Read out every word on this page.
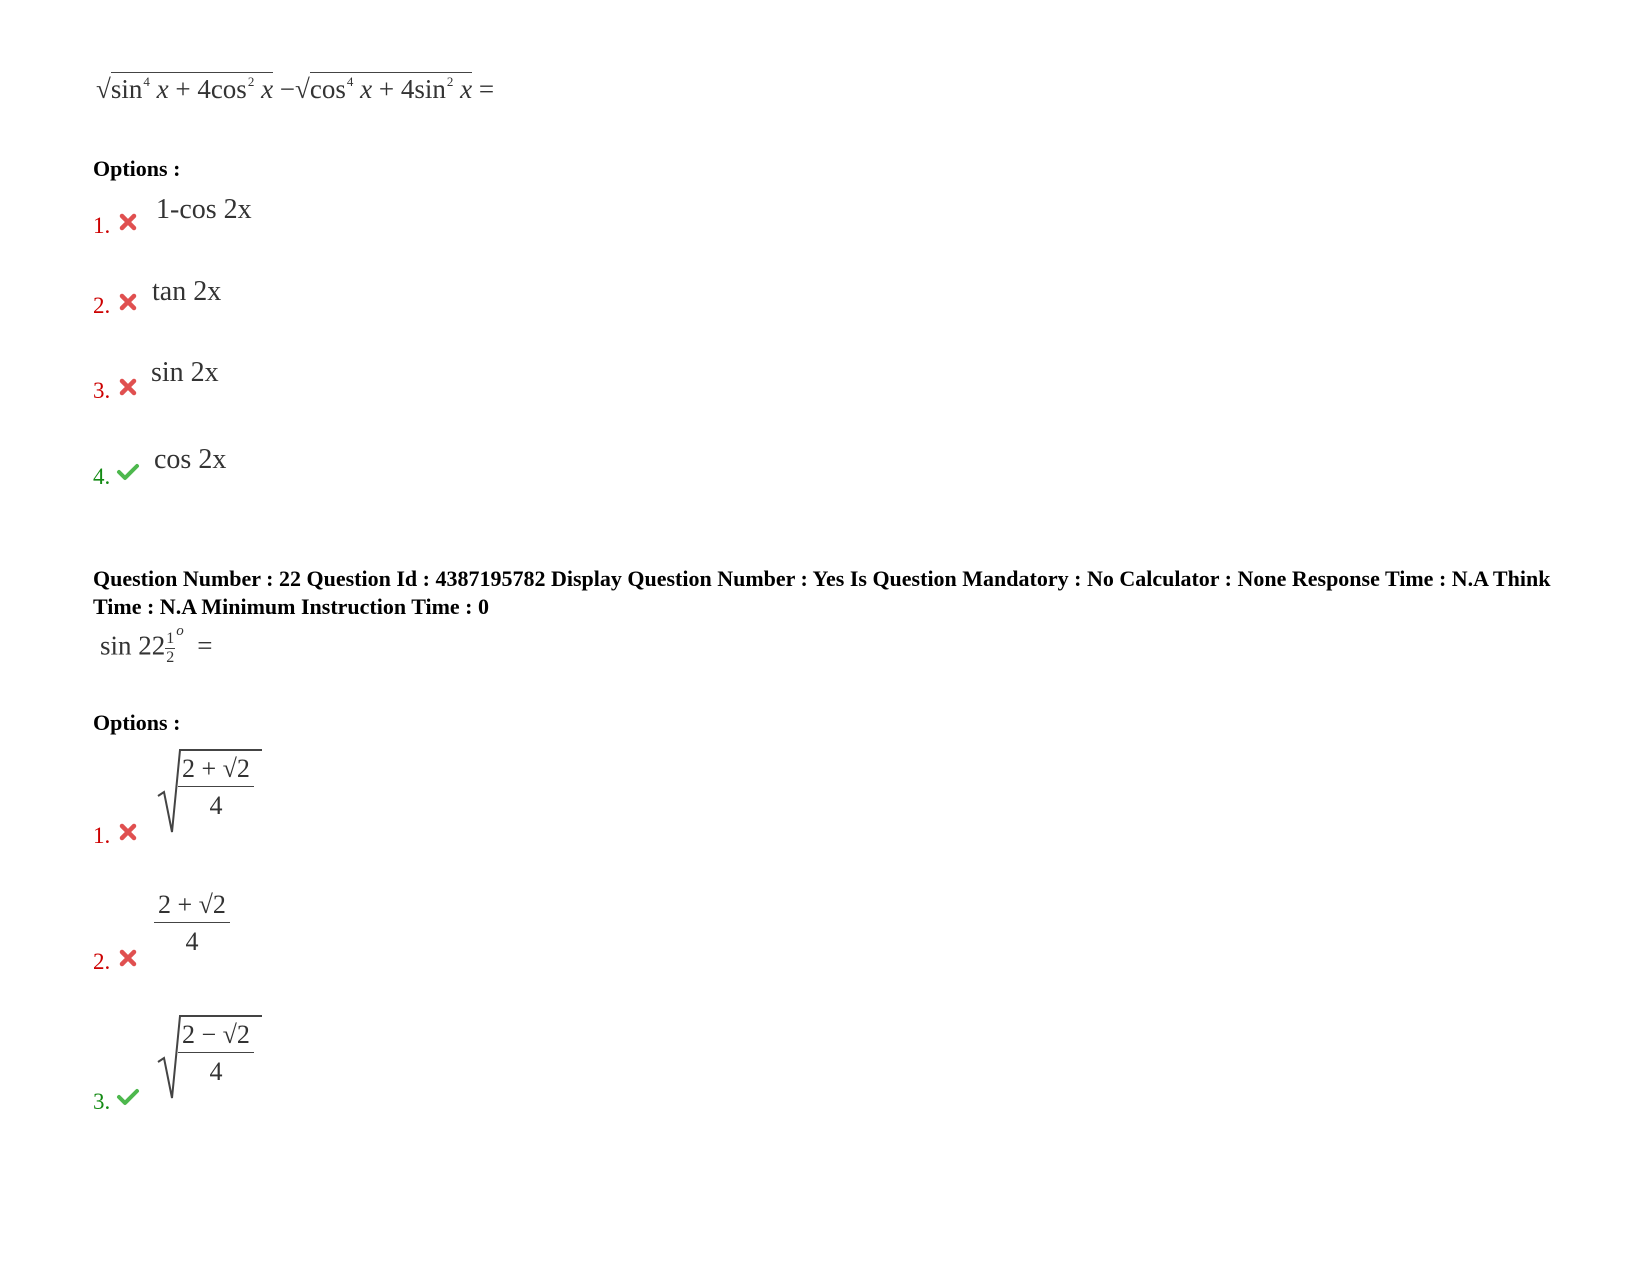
$√\sin^4$ $x + 4\cos^2$ $x -√\cos^4$ $x + 4\sin^2$ x =
Options :
1.
1-cos 2x
2. tan 2x
3.
sin 2x
4.
cos 2x
Question Number : 22 Question Id : 4387195782 Display Question Number : Yes Is Question Mandatory : No Calculator : None Response Time : N.A Think Time : N.A Minimum Instruction Time : 0
$\sin 22 \frac{1}{2} ^o$ =
Options :
1.
$\frac{2 + √2}{4}$
2.
$\frac{2 + √2}{4}$
3.
$\frac{2 - √2}{4}$
